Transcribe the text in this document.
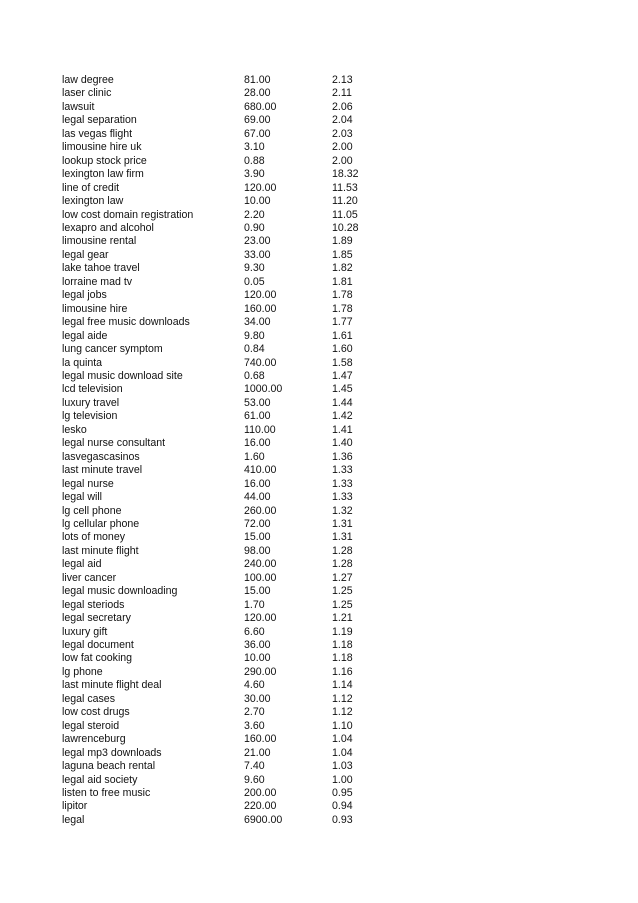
law degree	81.00	2.13
laser clinic	28.00	2.11
lawsuit	680.00	2.06
legal separation	69.00	2.04
las vegas flight	67.00	2.03
limousine hire uk	3.10	2.00
lookup stock price	0.88	2.00
lexington law firm	3.90	18.32
line of credit	120.00	11.53
lexington law	10.00	11.20
low cost domain registration	2.20	11.05
lexapro and alcohol	0.90	10.28
limousine rental	23.00	1.89
legal gear	33.00	1.85
lake tahoe travel	9.30	1.82
lorraine mad tv	0.05	1.81
legal jobs	120.00	1.78
limousine hire	160.00	1.78
legal free music downloads	34.00	1.77
legal aide	9.80	1.61
lung cancer symptom	0.84	1.60
la quinta	740.00	1.58
legal music download site	0.68	1.47
lcd television	1000.00	1.45
luxury travel	53.00	1.44
lg television	61.00	1.42
lesko	110.00	1.41
legal nurse consultant	16.00	1.40
lasvegascasinos	1.60	1.36
last minute travel	410.00	1.33
legal nurse	16.00	1.33
legal will	44.00	1.33
lg cell phone	260.00	1.32
lg cellular phone	72.00	1.31
lots of money	15.00	1.31
last minute flight	98.00	1.28
legal aid	240.00	1.28
liver cancer	100.00	1.27
legal music downloading	15.00	1.25
legal steriods	1.70	1.25
legal secretary	120.00	1.21
luxury gift	6.60	1.19
legal document	36.00	1.18
low fat cooking	10.00	1.18
lg phone	290.00	1.16
last minute flight deal	4.60	1.14
legal cases	30.00	1.12
low cost drugs	2.70	1.12
legal steroid	3.60	1.10
lawrenceburg	160.00	1.04
legal mp3 downloads	21.00	1.04
laguna beach rental	7.40	1.03
legal aid society	9.60	1.00
listen to free music	200.00	0.95
lipitor	220.00	0.94
legal	6900.00	0.93
